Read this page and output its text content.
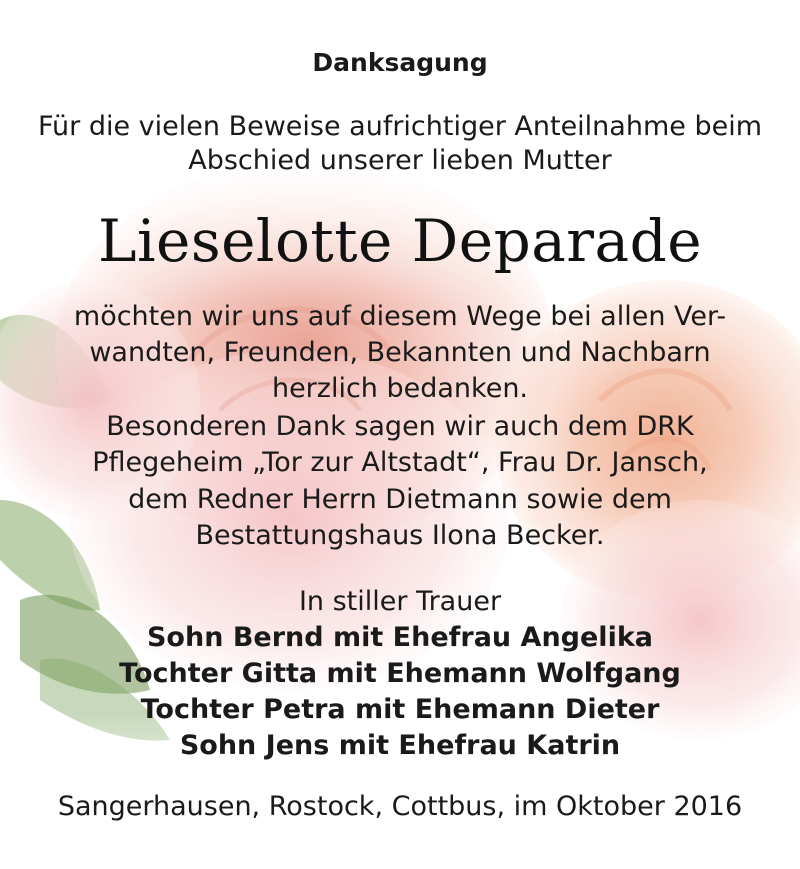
Danksagung
Für die vielen Beweise aufrichtiger Anteilnahme beim
Abschied unserer lieben Mutter
Lieselotte Deparade
möchten wir uns auf diesem Wege bei allen Ver-
wandten, Freunden, Bekannten und Nachbarn
herzlich bedanken.
Besonderen Dank sagen wir auch dem DRK
Pflegeheim „Tor zur Altstadt“, Frau Dr. Jansch,
dem Redner Herrn Dietmann sowie dem
Bestattungshaus Ilona Becker.
In stiller Trauer
Sohn Bernd mit Ehefrau Angelika
Tochter Gitta mit Ehemann Wolfgang
Tochter Petra mit Ehemann Dieter
Sohn Jens mit Ehefrau Katrin
Sangerhausen, Rostock, Cottbus, im Oktober 2016
